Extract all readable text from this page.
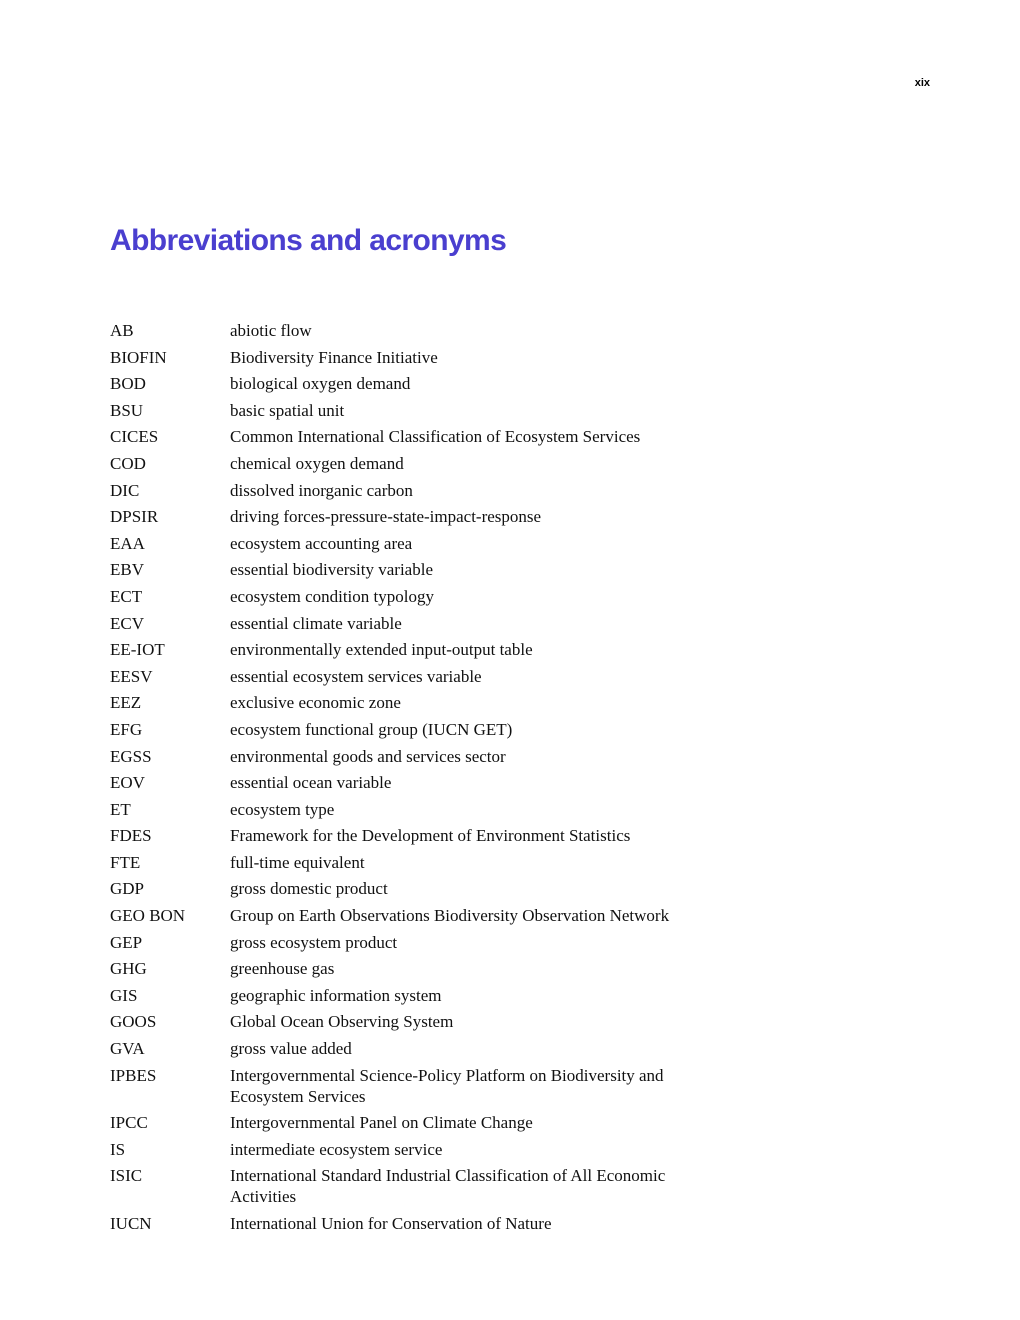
xix
Abbreviations and acronyms
AB	abiotic flow
BIOFIN	Biodiversity Finance Initiative
BOD	biological oxygen demand
BSU	basic spatial unit
CICES	Common International Classification of Ecosystem Services
COD	chemical oxygen demand
DIC	dissolved inorganic carbon
DPSIR	driving forces-pressure-state-impact-response
EAA	ecosystem accounting area
EBV	essential biodiversity variable
ECT	ecosystem condition typology
ECV	essential climate variable
EE-IOT	environmentally extended input-output table
EESV	essential ecosystem services variable
EEZ	exclusive economic zone
EFG	ecosystem functional group (IUCN GET)
EGSS	environmental goods and services sector
EOV	essential ocean variable
ET	ecosystem type
FDES	Framework for the Development of Environment Statistics
FTE	full-time equivalent
GDP	gross domestic product
GEO BON	Group on Earth Observations Biodiversity Observation Network
GEP	gross ecosystem product
GHG	greenhouse gas
GIS	geographic information system
GOOS	Global Ocean Observing System
GVA	gross value added
IPBES	Intergovernmental Science-Policy Platform on Biodiversity and Ecosystem Services
IPCC	Intergovernmental Panel on Climate Change
IS	intermediate ecosystem service
ISIC	International Standard Industrial Classification of All Economic Activities
IUCN	International Union for Conservation of Nature
